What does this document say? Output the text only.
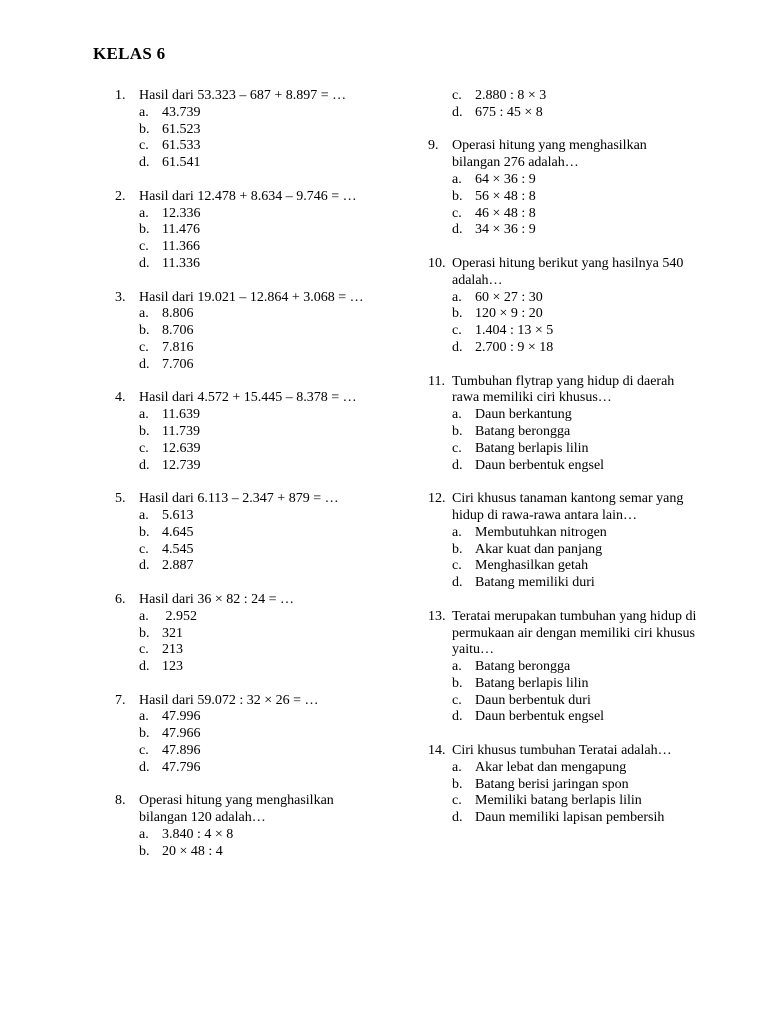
KELAS 6
1. Hasil dari 53.323 – 687 + 8.897 = …
a. 43.739
b. 61.523
c. 61.533
d. 61.541
2. Hasil dari 12.478 + 8.634 – 9.746 = …
a. 12.336
b. 11.476
c. 11.366
d. 11.336
3. Hasil dari 19.021 – 12.864 + 3.068 = …
a. 8.806
b. 8.706
c. 7.816
d. 7.706
4. Hasil dari 4.572 + 15.445 – 8.378 = …
a. 11.639
b. 11.739
c. 12.639
d. 12.739
5. Hasil dari 6.113 – 2.347 + 879 = …
a. 5.613
b. 4.645
c. 4.545
d. 2.887
6. Hasil dari 36 × 82 : 24 = …
a. 2.952
b. 321
c. 213
d. 123
7. Hasil dari 59.072 : 32 × 26 = …
a. 47.996
b. 47.966
c. 47.896
d. 47.796
8. Operasi hitung yang menghasilkan bilangan 120 adalah…
a. 3.840 : 4 × 8
b. 20 × 48 : 4
c. 2.880 : 8 × 3
d. 675 : 45 × 8
9. Operasi hitung yang menghasilkan bilangan 276 adalah…
a. 64 × 36 : 9
b. 56 × 48 : 8
c. 46 × 48 : 8
d. 34 × 36 : 9
10. Operasi hitung berikut yang hasilnya 540 adalah…
a. 60 × 27 : 30
b. 120 × 9 : 20
c. 1.404 : 13 × 5
d. 2.700 : 9 × 18
11. Tumbuhan flytrap yang hidup di daerah rawa memiliki ciri khusus…
a. Daun berkantung
b. Batang berongga
c. Batang berlapis lilin
d. Daun berbentuk engsel
12. Ciri khusus tanaman kantong semar yang hidup di rawa-rawa antara lain…
a. Membutuhkan nitrogen
b. Akar kuat dan panjang
c. Menghasilkan getah
d. Batang memiliki duri
13. Teratai merupakan tumbuhan yang hidup di permukaan air dengan memiliki ciri khusus yaitu…
a. Batang berongga
b. Batang berlapis lilin
c. Daun berbentuk duri
d. Daun berbentuk engsel
14. Ciri khusus tumbuhan Teratai adalah…
a. Akar lebat dan mengapung
b. Batang berisi jaringan spon
c. Memiliki batang berlapis lilin
d. Daun memiliki lapisan pembersih
